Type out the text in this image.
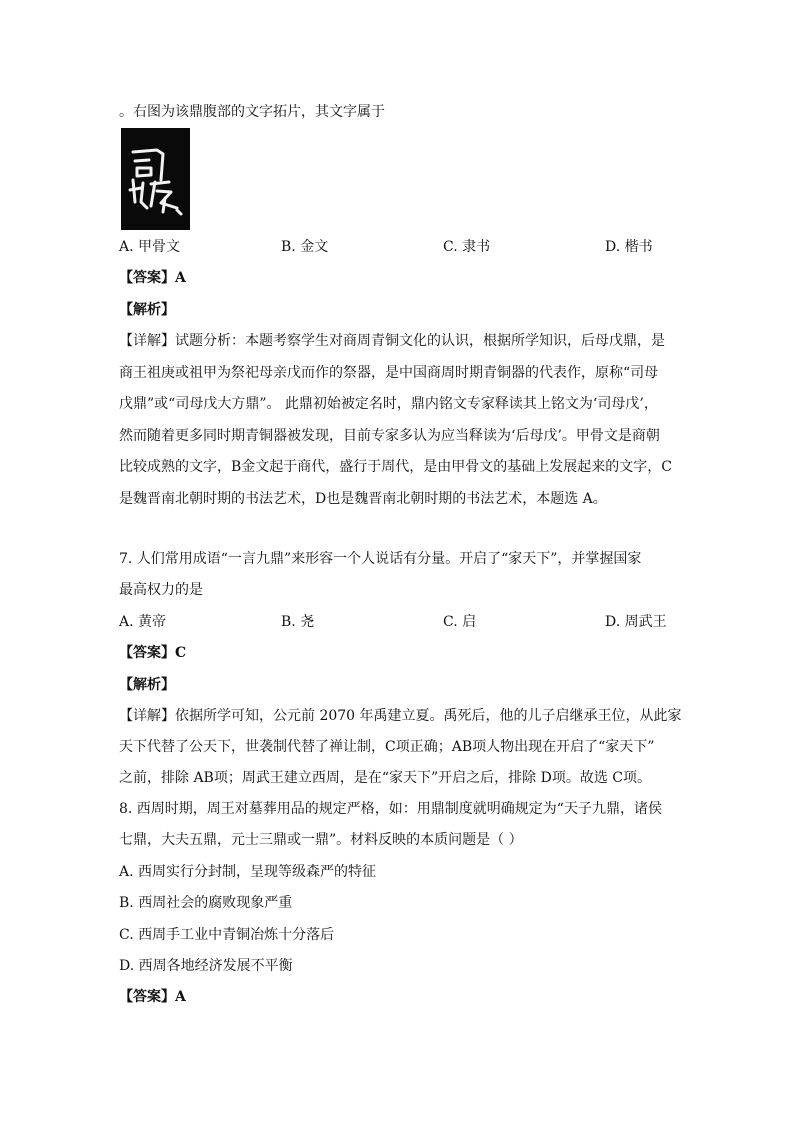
。右图为该鼎腹部的文字拓片，其文字属于
A. 甲骨文	B. 金文	C. 隶书	D. 楷书
【答案】A
【解析】
【详解】试题分析：本题考察学生对商周青铜文化的认识，根据所学知识，后母戊鼎，是
商王祖庚或祖甲为祭祀母亲戊而作的祭器，是中国商周时期青铜器的代表作，原称“司母
戊鼎”或“司母戊大方鼎”。 此鼎初始被定名时，鼎内铭文专家释读其上铭文为‘司母戊’，
然而随着更多同时期青铜器被发现，目前专家多认为应当释读为‘后母戊’。甲骨文是商朝
比较成熟的文字，B金文起于商代，盛行于周代，是由甲骨文的基础上发展起来的文字，C
是魏晋南北朝时期的书法艺术，D也是魏晋南北朝时期的书法艺术，本题选 A。
7. 人们常用成语“一言九鼎”来形容一个人说话有分量。开启了“家天下”，并掌握国家
最高权力的是
A. 黄帝	B. 尧	C. 启	D. 周武王
【答案】C
【解析】
【详解】依据所学可知，公元前 2070 年禹建立夏。禹死后，他的儿子启继承王位，从此家
天下代替了公天下，世袭制代替了禅让制，C项正确；AB项人物出现在开启了“家天下”
之前，排除 AB项；周武王建立西周，是在“家天下”开启之后，排除 D项。故选 C项。
8. 西周时期，周王对墓葬用品的规定严格，如：用鼎制度就明确规定为“天子九鼎，诸侯
七鼎，大夫五鼎，元士三鼎或一鼎”。材料反映的本质问题是（ ）
A. 西周实行分封制，呈现等级森严的特征
B. 西周社会的腐败现象严重
C. 西周手工业中青铜冶炼十分落后
D. 西周各地经济发展不平衡
【答案】A
